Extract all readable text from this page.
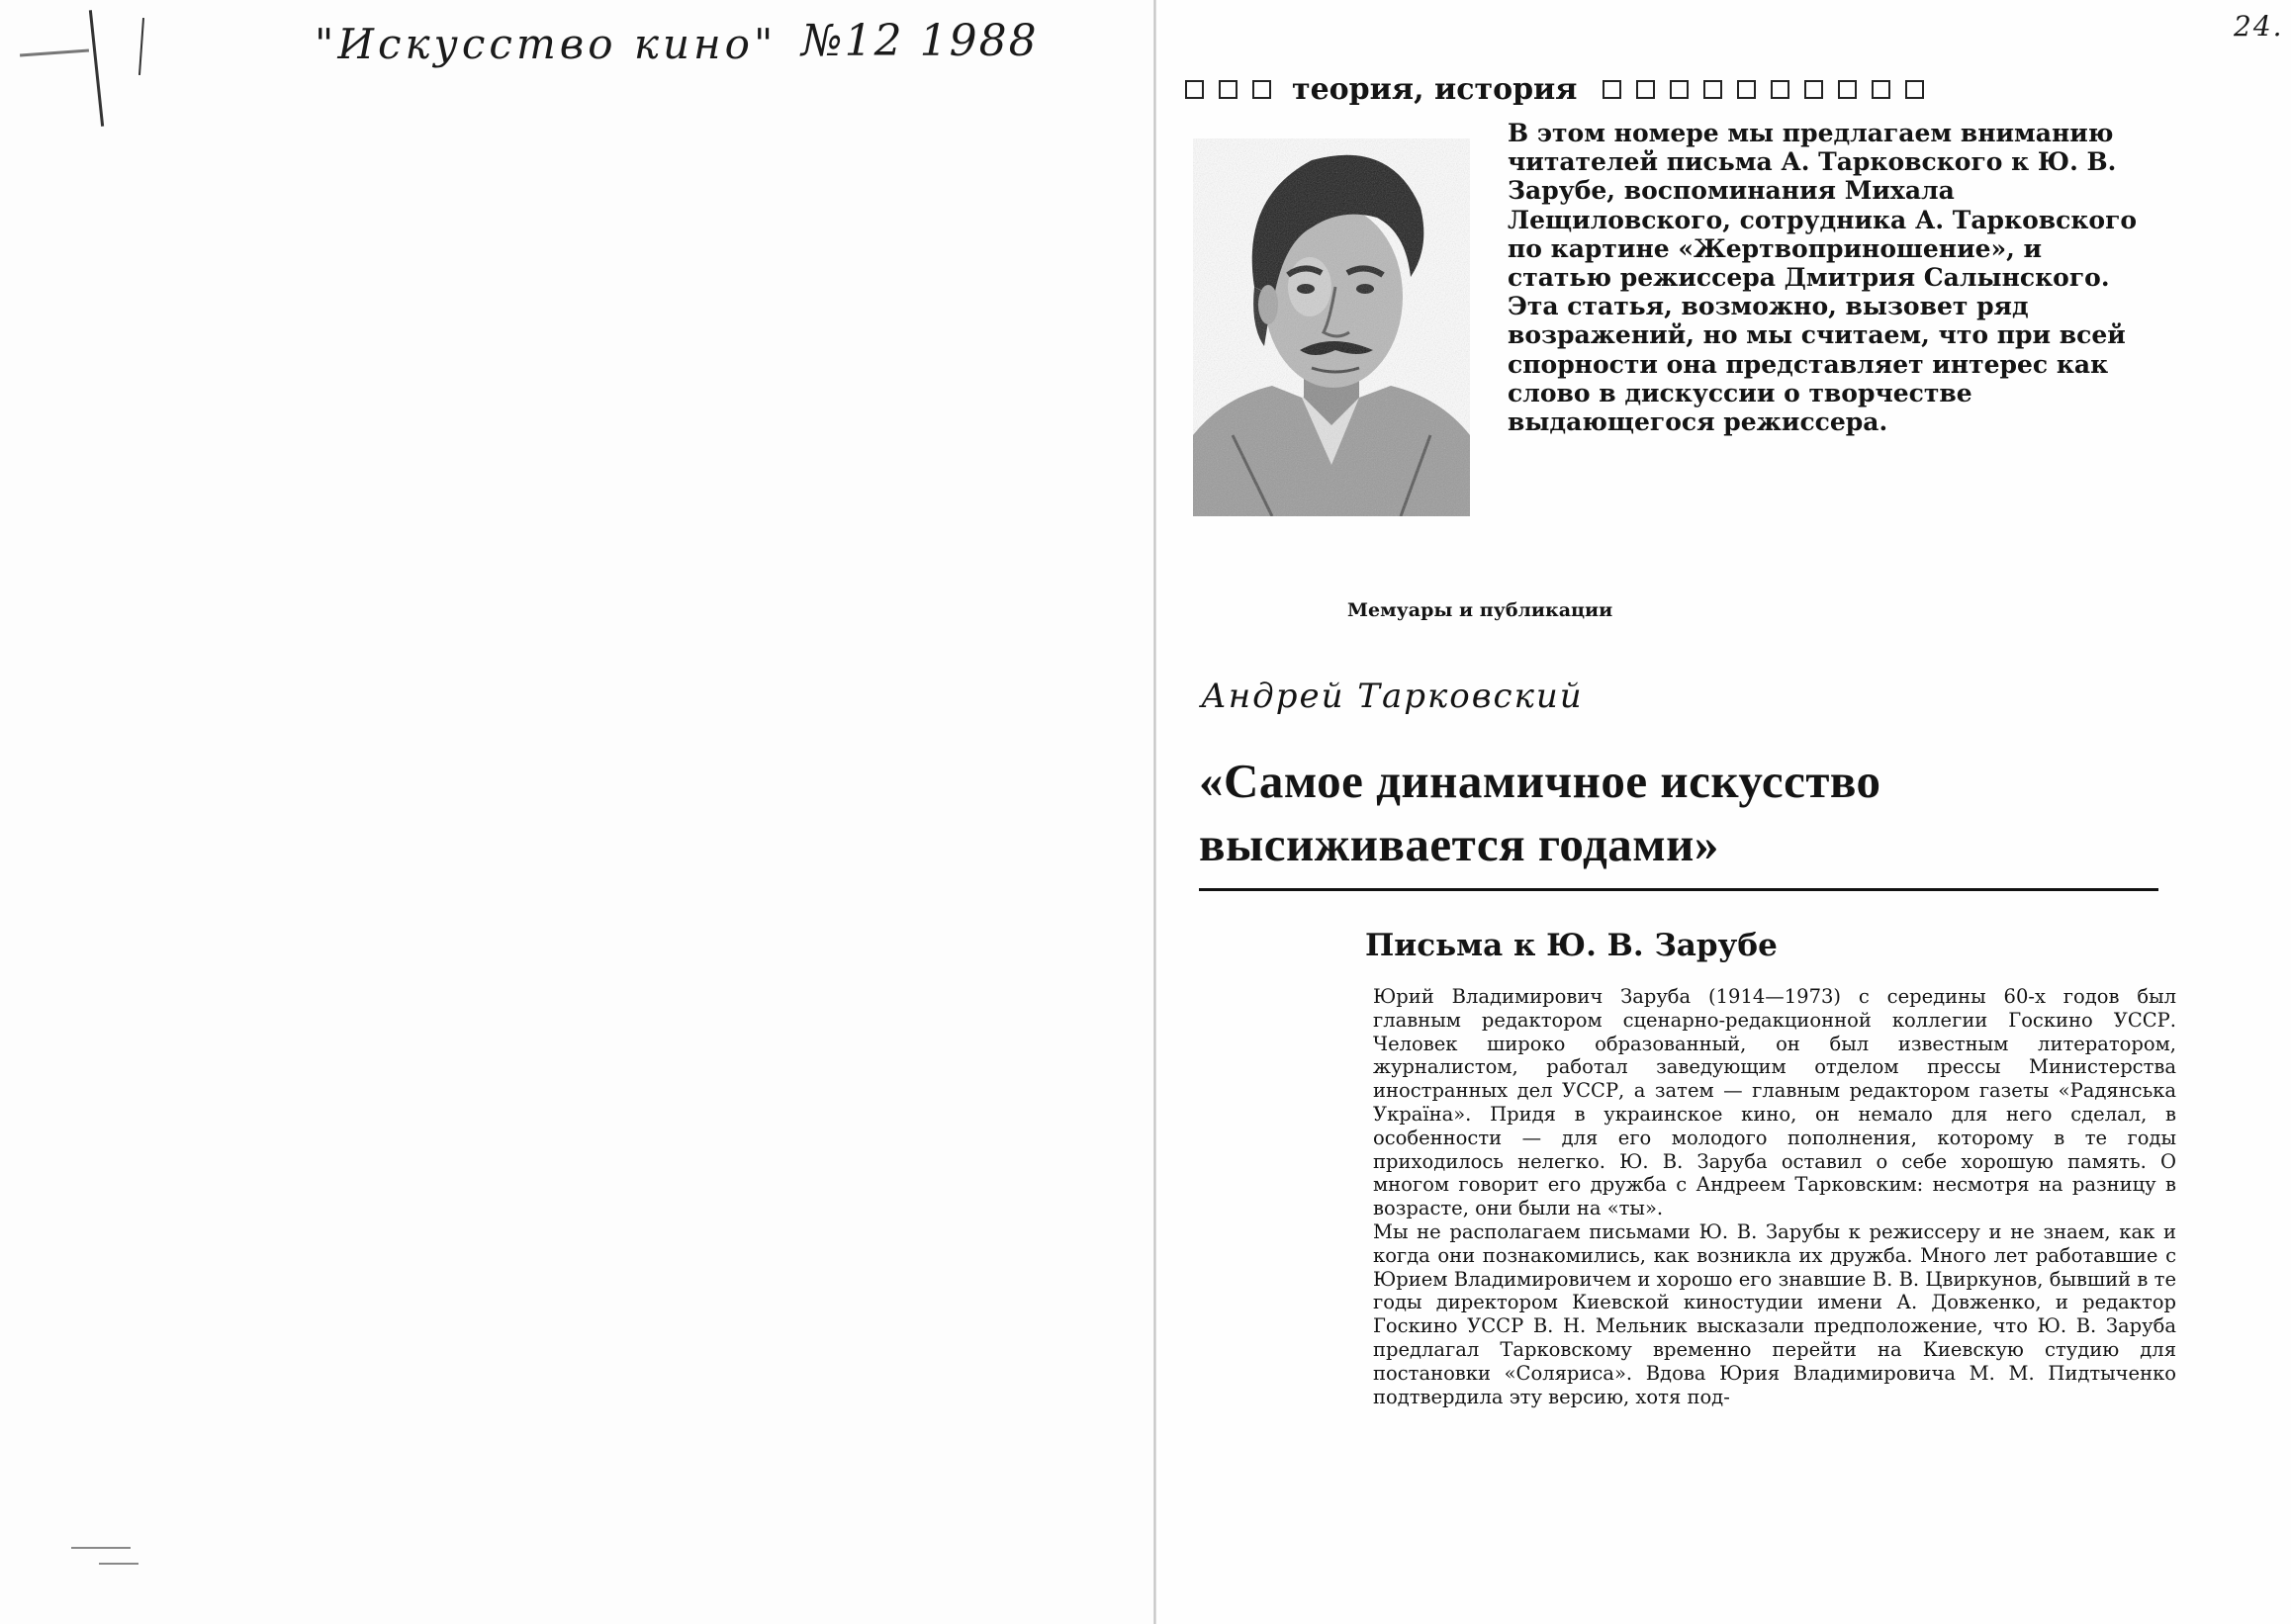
"Искусство кино" №12 1988	24.
теория, история

В этом номере мы предлагаем вниманию читателей письма А. Тарковского к Ю. В. Зарубе, воспоминания Михала Лещиловского, сотрудника А. Тарковского по картине «Жертвоприношение», и статью режиссера Дмитрия Салынского. Эта статья, возможно, вызовет ряд возражений, но мы считаем, что при всей спорности она представляет интерес как слово в дискуссии о творчестве выдающегося режиссера.

Мемуары и публикации
Андрей Тарковский
«Самое динамичное искусство
высиживается годами»
Письма к Ю. В. Зарубе

Юрий Владимирович Заруба (1914—1973) с середины 60-х годов был главным редактором сценарно-редакционной коллегии Госкино УССР. Человек широко образованный, он был известным литератором, журналистом, работал заведующим отделом прессы Министерства иностранных дел УССР, а затем — главным редактором газеты «Радянська Україна». Придя в украинское кино, он немало для него сделал, в особенности — для его молодого пополнения, которому в те годы приходилось нелегко. Ю. В. Заруба оставил о себе хорошую память. О многом говорит его дружба с Андреем Тарковским: несмотря на разницу в возрасте, они были на «ты».

Мы не располагаем письмами Ю. В. Зарубы к режиссеру и не знаем, как и когда они познакомились, как возникла их дружба. Много лет работавшие с Юрием Владимировичем и хорошо его знавшие В. В. Цвиркунов, бывший в те годы директором Киевской киностудии имени А. Довженко, и редактор Госкино УССР В. Н. Мельник высказали предположение, что Ю. В. Заруба предлагал Тарковскому временно перейти на Киевскую студию для постановки «Соляриса». Вдова Юрия Владимировича М. М. Пидтыченко подтвердила эту версию, хотя под-
